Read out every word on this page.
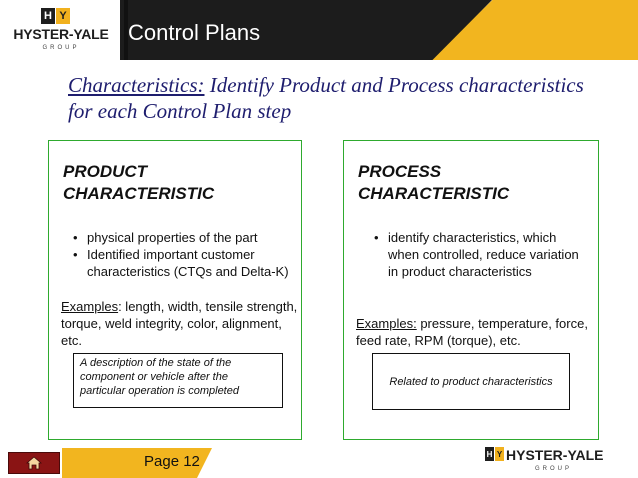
H Y
HYSTER-YALE
GROUP
Control Plans
Characteristics: Identify Product and Process characteristics for each Control Plan step
PRODUCT
CHARACTERISTIC
• physical properties of the part
• Identified important customer characteristics (CTQs and Delta-K)
Examples: length, width, tensile strength, torque, weld integrity, color, alignment, etc.
A description of the state of the component or vehicle after the particular operation is completed
PROCESS
CHARACTERISTIC
• identify characteristics, which when controlled, reduce variation in product characteristics
Examples: pressure, temperature, force, feed rate, RPM (torque), etc.
Related to product characteristics
Page 12	H Y HYSTER-YALE
GROUP
